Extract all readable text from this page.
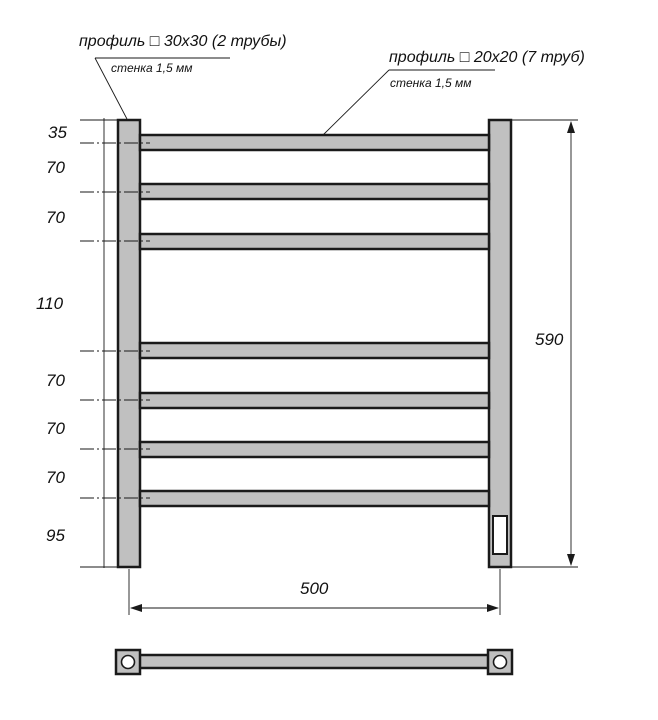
35
70
70
110
70
70
70
95
590
500
профиль □ 30x30 (2 трубы)
стенка 1,5 мм
профиль □ 20x20 (7 труб)
стенка 1,5 мм
